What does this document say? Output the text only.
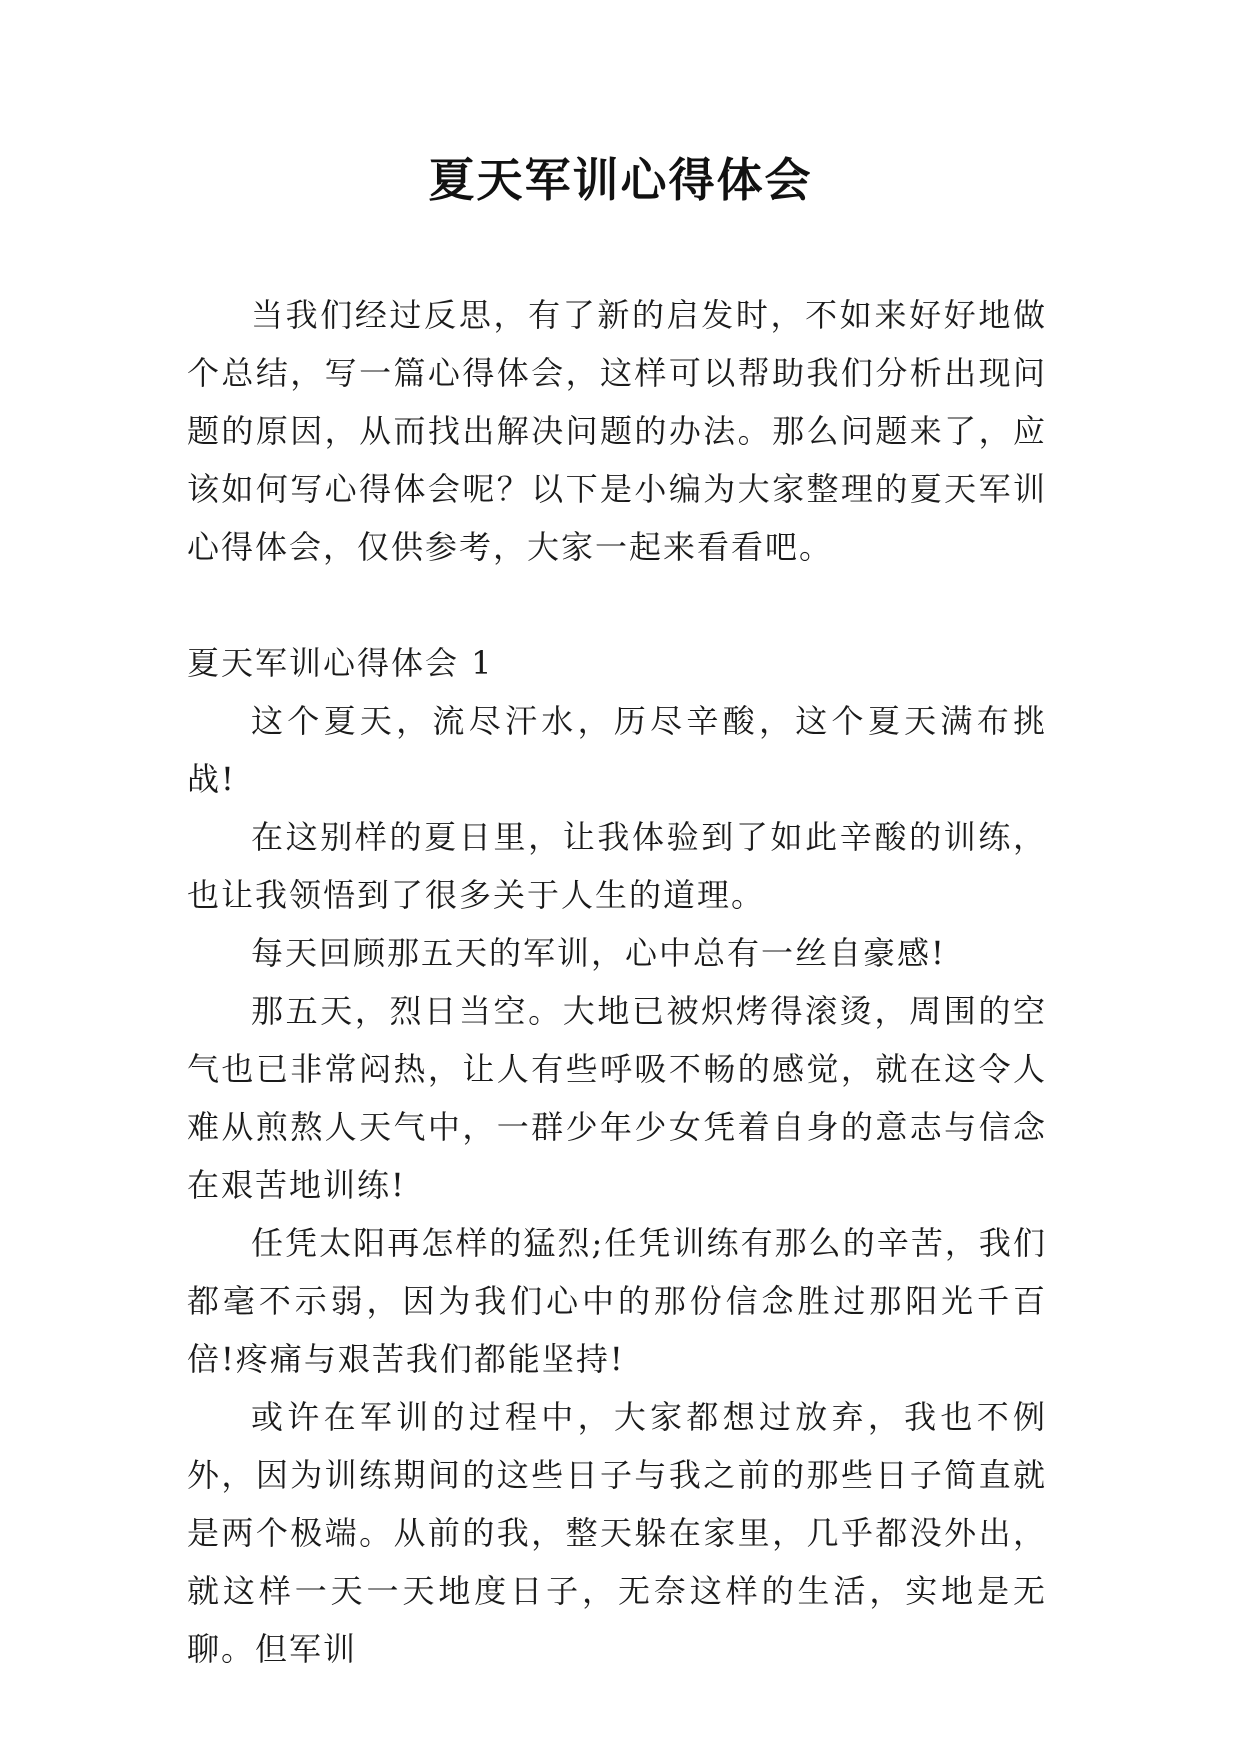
夏天军训心得体会

当我们经过反思，有了新的启发时，不如来好好地做个总结，写一篇心得体会，这样可以帮助我们分析出现问题的原因，从而找出解决问题的办法。那么问题来了，应该如何写心得体会呢？以下是小编为大家整理的夏天军训心得体会，仅供参考，大家一起来看看吧。

夏天军训心得体会 1

这个夏天，流尽汗水，历尽辛酸，这个夏天满布挑战!

在这别样的夏日里，让我体验到了如此辛酸的训练，也让我领悟到了很多关于人生的道理。

每天回顾那五天的军训，心中总有一丝自豪感!

那五天，烈日当空。大地已被炽烤得滚烫，周围的空气也已非常闷热，让人有些呼吸不畅的感觉，就在这令人难从煎熬人天气中，一群少年少女凭着自身的意志与信念在艰苦地训练!

任凭太阳再怎样的猛烈;任凭训练有那么的辛苦，我们都毫不示弱，因为我们心中的那份信念胜过那阳光千百倍!疼痛与艰苦我们都能坚持!

或许在军训的过程中，大家都想过放弃，我也不例外，因为训练期间的这些日子与我之前的那些日子简直就是两个极端。从前的我，整天躲在家里，几乎都没外出，就这样一天一天地度日子，无奈这样的生活，实地是无聊。但军训
